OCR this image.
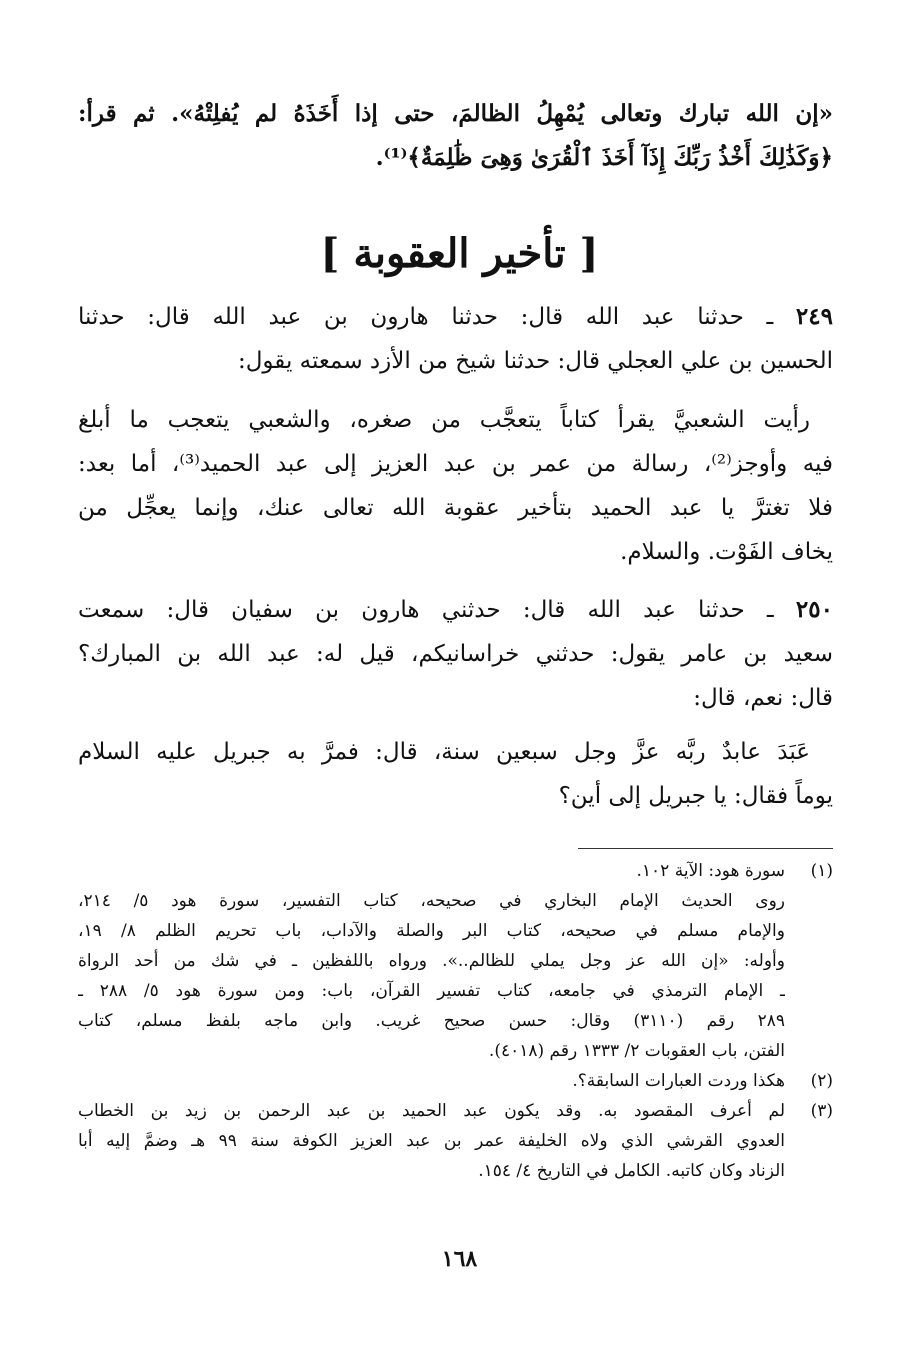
«إن الله تبارك وتعالى يُمْهِلُ الظالمَ، حتى إذا أَخَذَهُ لم يُفلِتْهُ». ثم قرأ:
﴿وَكَذَٰلِكَ أَخْذُ رَبِّكَ إِذَآ أَخَذَ ٱلْقُرَىٰ وَهِىَ ظَٰلِمَةٌ﴾⁽¹⁾.
[ تأخير العقوبة ]
٢٤٩ ـ حدثنا عبد الله قال: حدثنا هارون بن عبد الله قال: حدثنا
الحسين بن علي العجلي قال: حدثنا شيخ من الأزد سمعته يقول:
 رأيت الشعبيَّ يقرأ كتاباً يتعجَّب من صغره، والشعبي يتعجب ما أبلغ
فيه وأوجز⁽²⁾، رسالة من عمر بن عبد العزيز إلى عبد الحميد⁽³⁾، أما بعد:
فلا تغترَّ يا عبد الحميد بتأخير عقوبة الله تعالى عنك، وإنما يعجِّل من
يخاف الفَوْت. والسلام.
٢٥٠ ـ حدثنا عبد الله قال: حدثني هارون بن سفيان قال: سمعت
سعيد بن عامر يقول: حدثني خراسانيكم، قيل له: عبد الله بن المبارك؟
قال: نعم، قال:
 عَبَدَ عابدٌ ربَّه عزَّ وجل سبعين سنة، قال: فمرَّ به جبريل عليه السلام
يوماً فقال: يا جبريل إلى أين؟
(١)
سورة هود: الآية ١٠٢.
روى الحديث الإمام البخاري في صحيحه، كتاب التفسير، سورة هود ٥/ ٢١٤،
والإمام مسلم في صحيحه، كتاب البر والصلة والآداب، باب تحريم الظلم ٨/ ١٩،
وأوله: «إن الله عز وجل يملي للظالم..». ورواه باللفظين ـ في شك من أحد الرواة
ـ الإمام الترمذي في جامعه، كتاب تفسير القرآن، باب: ومن سورة هود ٥/ ٢٨٨ ـ
٢٨٩ رقم (٣١١٠) وقال: حسن صحيح غريب. وابن ماجه بلفظ مسلم، كتاب
الفتن، باب العقوبات ٢/ ١٣٣٣ رقم (٤٠١٨).
(٢)
هكذا وردت العبارات السابقة؟.
(٣)
لم أعرف المقصود به. وقد يكون عبد الحميد بن عبد الرحمن بن زيد بن الخطاب
العدوي القرشي الذي ولاه الخليفة عمر بن عبد العزيز الكوفة سنة ٩٩ هـ وضمَّ إليه أبا
الزناد وكان كاتبه. الكامل في التاريخ ٤/ ١٥٤.
١٦٨
